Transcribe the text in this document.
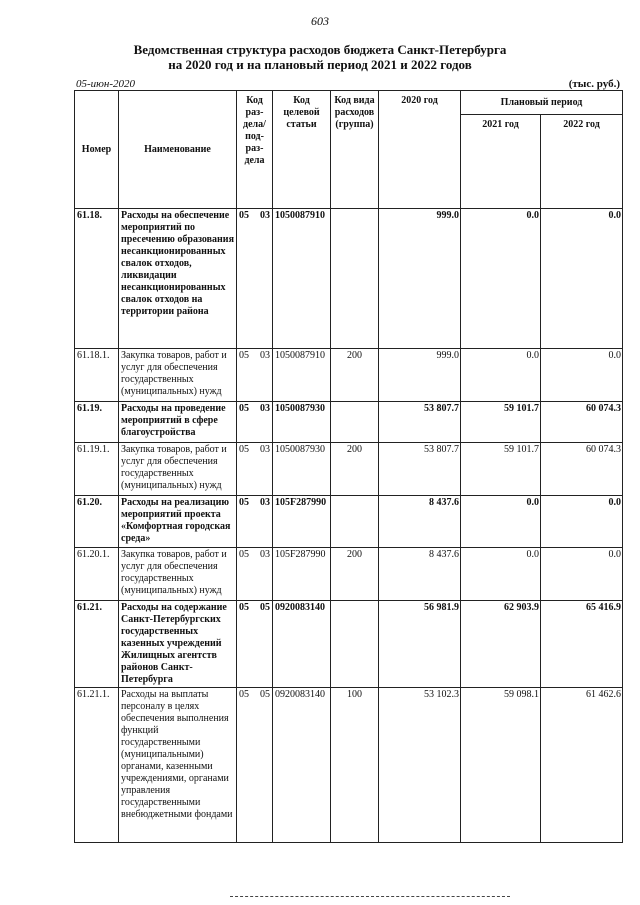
603
Ведомственная структура расходов бюджета Санкт-Петербурга
на 2020 год и на плановый период 2021 и 2022 годов
05-июн-2020	(тыс. руб.)
Номер	Наименование	Код раз-дела/ под-раз-дела	Код целевой статьи	Код вида расходов (группа)	2020 год	Плановый период	
						2021 год	2022 год
61.18.	Расходы на обеспечение мероприятий по пресечению образования несанкционированных свалок отходов, ликвидации несанкционированных свалок отходов на территории района	05 03	1050087910		999.0	0.0	0.0
61.18.1.	Закупка товаров, работ и услуг для обеспечения государственных (муниципальных) нужд	05 03	1050087910	200	999.0	0.0	0.0
61.19.	Расходы на проведение мероприятий в сфере благоустройства	05 03	1050087930		53 807.7	59 101.7	60 074.3
61.19.1.	Закупка товаров, работ и услуг для обеспечения государственных (муниципальных) нужд	05 03	1050087930	200	53 807.7	59 101.7	60 074.3
61.20.	Расходы на реализацию мероприятий проекта «Комфортная городская среда»	05 03	105F287990		8 437.6	0.0	0.0
61.20.1.	Закупка товаров, работ и услуг для обеспечения государственных (муниципальных) нужд	05 03	105F287990	200	8 437.6	0.0	0.0
61.21.	Расходы на содержание Санкт-Петербургских государственных казенных учреждений Жилищных агентств районов Санкт-Петербурга	05 05	0920083140		56 981.9	62 903.9	65 416.9
61.21.1.	Расходы на выплаты персоналу в целях обеспечения выполнения функций государственными (муниципальными) органами, казенными учреждениями, органами управления государственными внебюджетными фондами	05 05	0920083140	100	53 102.3	59 098.1	61 462.6
